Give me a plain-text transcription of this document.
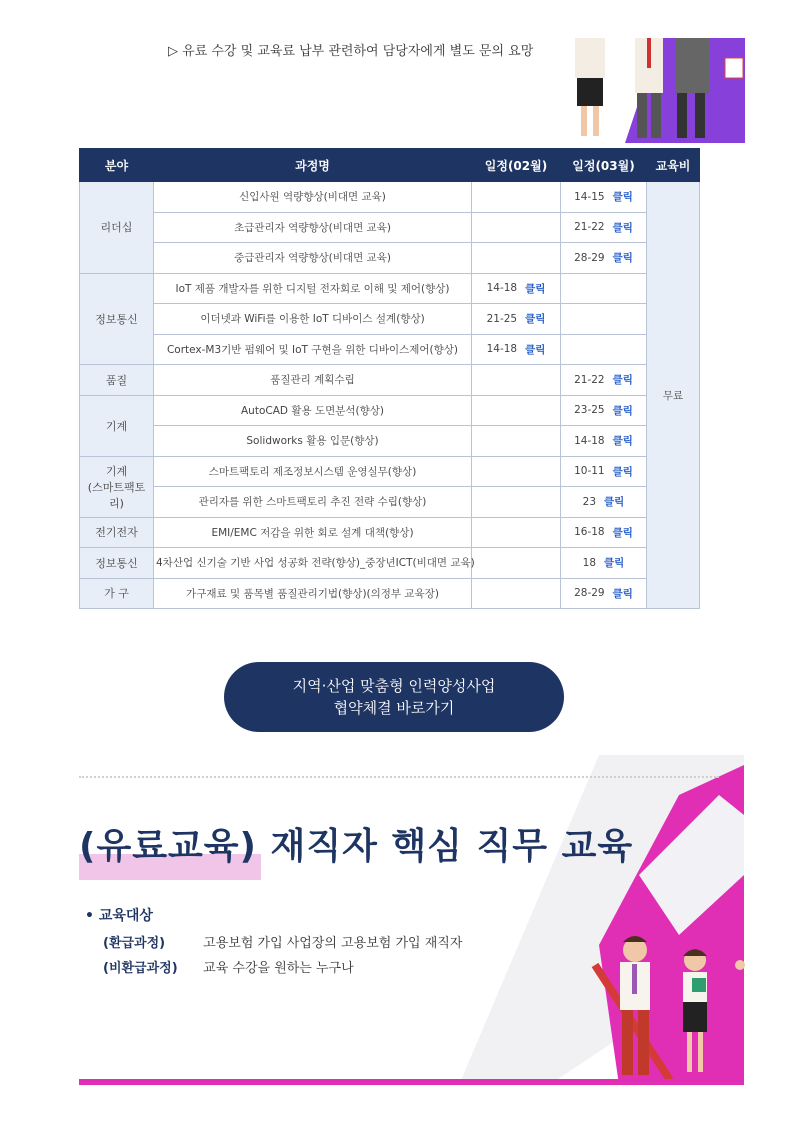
▷ 유료 수강 및 교육료 납부 관련하여 담당자에게 별도 문의 요망
분야	과정명	일정(02월)	일정(03월)	교육비
리더십	신입사원 역량향상(비대면 교육)		14-15 클릭	무료
	초급관리자 역량향상(비대면 교육)		21-22 클릭	

	중급관리자 역량향상(비대면 교육)		28-29 클릭	

정보통신	IoT 제품 개발자를 위한 디지털 전자회로 이해 및 제어(향상)	14-18 클릭		

	이더넷과 WiFi를 이용한 IoT 디바이스 설계(향상)	21-25 클릭		

	Cortex-M3기반 펌웨어 및 IoT 구현을 위한 디바이스제어(향상)	14-18 클릭		

품질	품질관리 계획수립		21-22 클릭	

기계	AutoCAD 활용 도면분석(향상)		23-25 클릭	

	Solidworks 활용 입문(향상)		14-18 클릭	

기계
(스마트팩토리)	스마트팩토리 제조정보시스템 운영실무(향상)		10-11 클릭	

	관리자를 위한 스마트팩토리 추진 전략 수립(향상)		23 클릭	

전기전자	EMI/EMC 저감을 위한 회로 설계 대책(향상)		16-18 클릭	

정보통신	4차산업 신기술 기반 사업 성공화 전략(향상)_중장년ICT(비대면 교육)		18 클릭	

가 구	가구재료 및 품목별 품질관리기법(향상)(의정부 교육장)		28-29 클릭	
지역·산업 맞춤형 인력양성사업
협약체결 바로가기
(유료교육) 재직자 핵심 직무 교육
• 교육대상
(환급과정)	고용보험 가입 사업장의 고용보험 가입 재직자
(비환급과정) 교육 수강을 원하는 누구나
